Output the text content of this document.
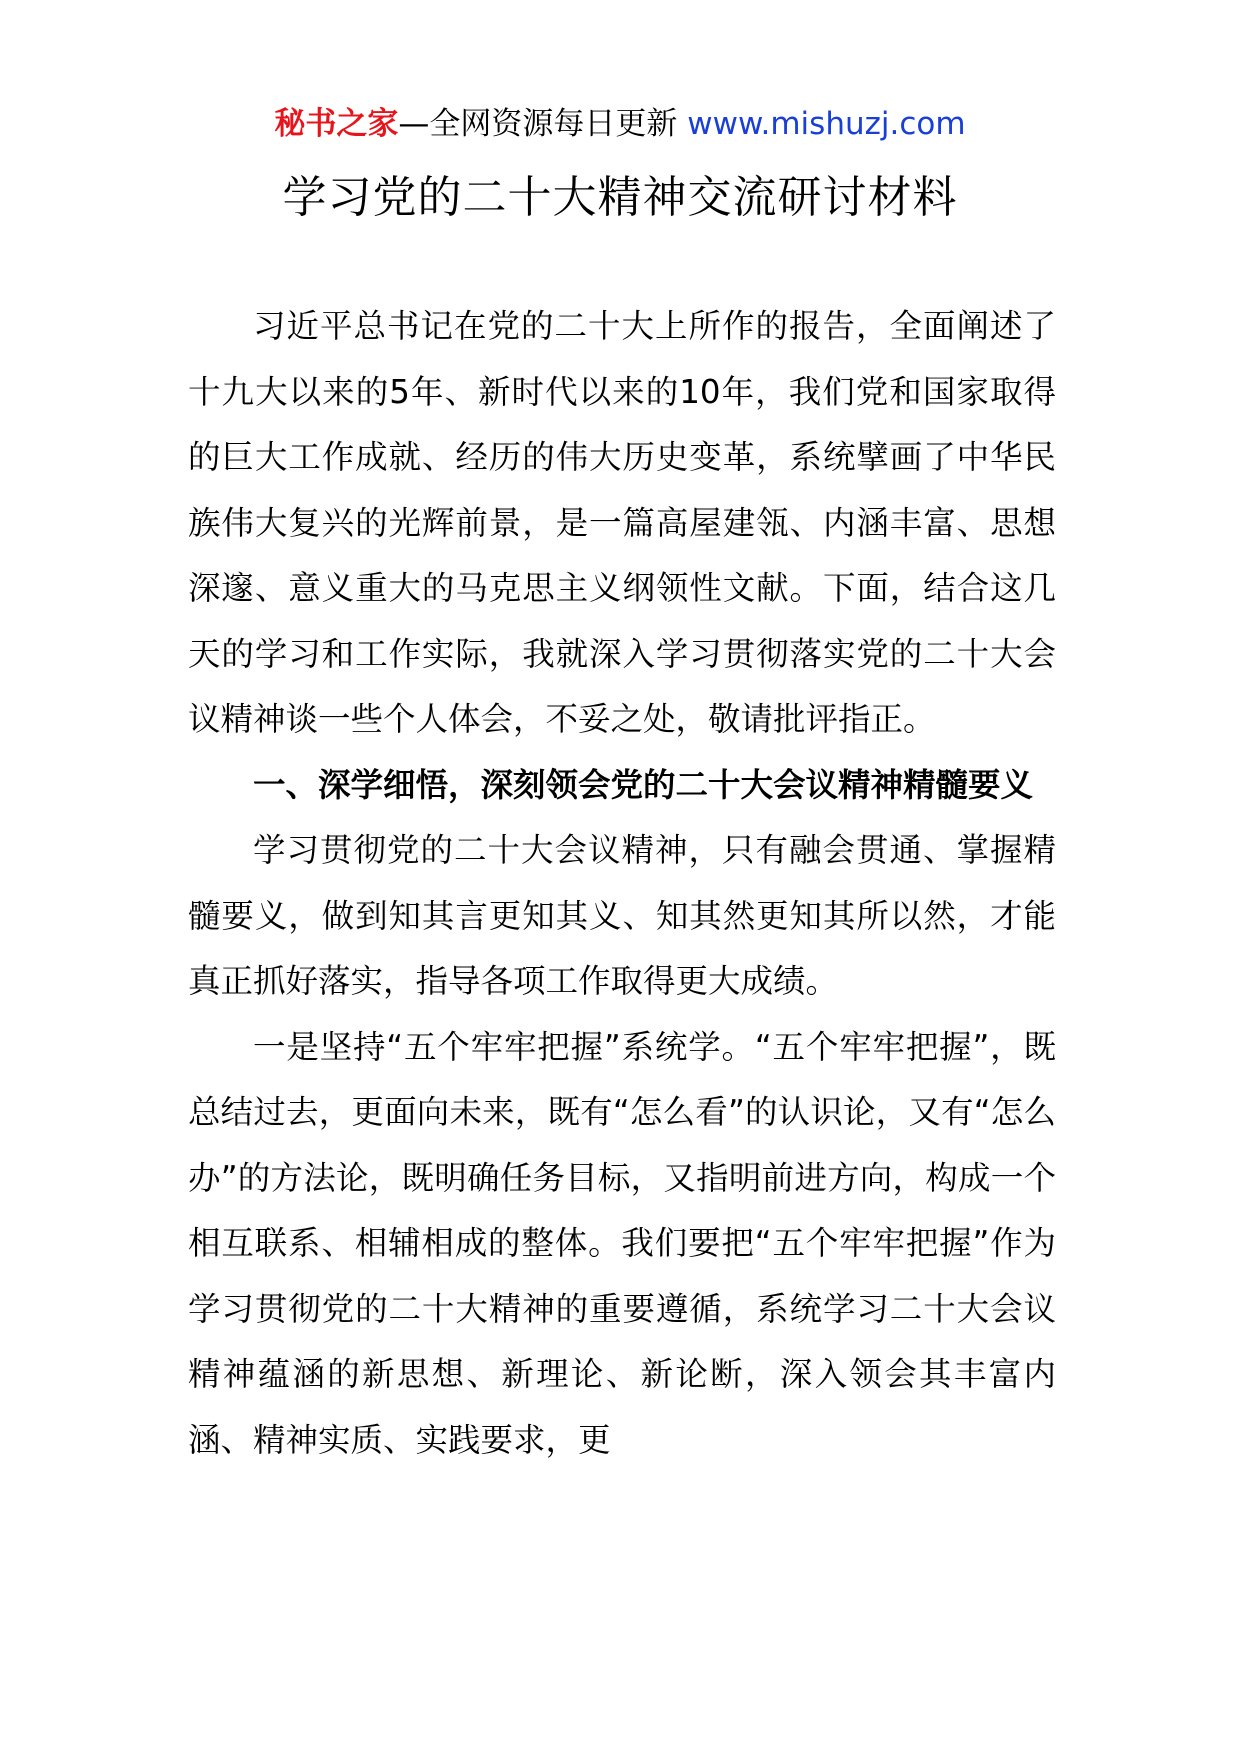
秘书之家—全网资源每日更新 www.mishuzj.com
学习党的二十大精神交流研讨材料

习近平总书记在党的二十大上所作的报告，全面阐述了十九大以来的5年、新时代以来的10年，我们党和国家取得的巨大工作成就、经历的伟大历史变革，系统擘画了中华民族伟大复兴的光辉前景，是一篇高屋建瓴、内涵丰富、思想深邃、意义重大的马克思主义纲领性文献。下面，结合这几天的学习和工作实际，我就深入学习贯彻落实党的二十大会议精神谈一些个人体会，不妥之处，敬请批评指正。

一、深学细悟，深刻领会党的二十大会议精神精髓要义

学习贯彻党的二十大会议精神，只有融会贯通、掌握精髓要义，做到知其言更知其义、知其然更知其所以然，才能真正抓好落实，指导各项工作取得更大成绩。

一是坚持“五个牢牢把握”系统学。“五个牢牢把握”，既总结过去，更面向未来，既有“怎么看”的认识论，又有“怎么办”的方法论，既明确任务目标，又指明前进方向，构成一个相互联系、相辅相成的整体。我们要把“五个牢牢把握”作为学习贯彻党的二十大精神的重要遵循，系统学习二十大会议精神蕴涵的新思想、新理论、新论断，深入领会其丰富内涵、精神实质、实践要求，更
